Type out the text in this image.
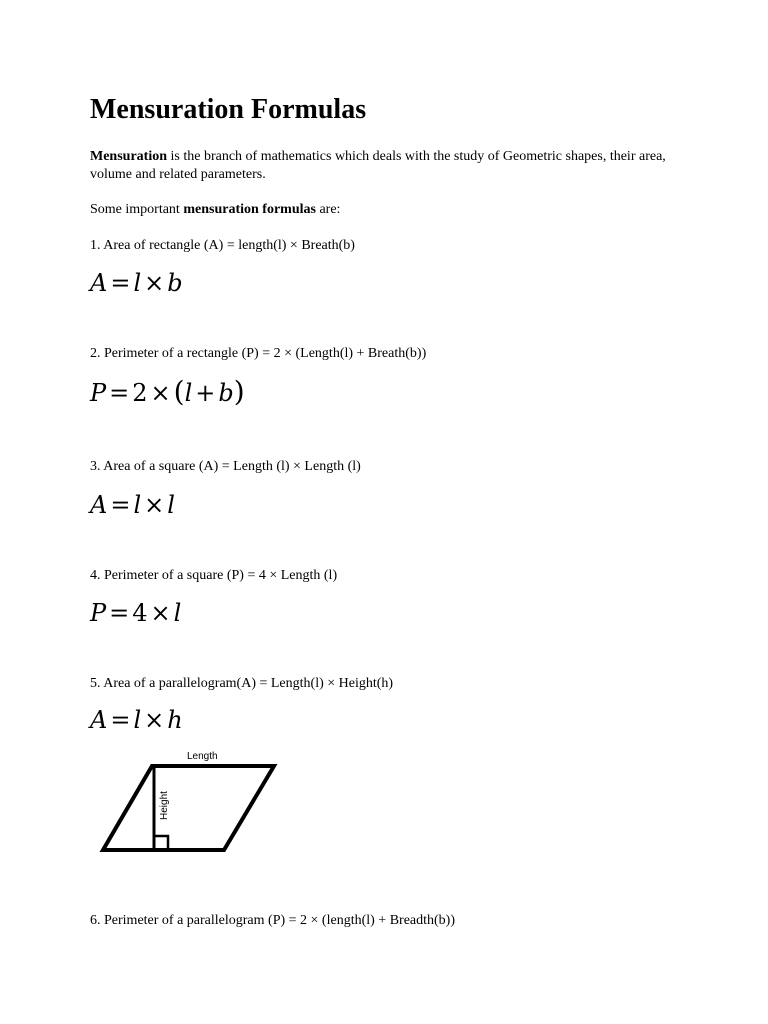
Mensuration Formulas
Mensuration is the branch of mathematics which deals with the study of Geometric shapes, their area, volume and related parameters.
Some important mensuration formulas are:
1. Area of rectangle (A) = length(l) × Breath(b)
A = l × b
2. Perimeter of a rectangle (P) = 2 × (Length(l) + Breath(b))
P = 2 × (l + b)
3. Area of a square (A) = Length (l) × Length (l)
A = l × l
4. Perimeter of a square (P) = 4 × Length (l)
P = 4 × l
5. Area of a parallelogram(A) = Length(l) × Height(h)
A = l × h
Length
Height
6. Perimeter of a parallelogram (P) = 2 × (length(l) + Breadth(b))
